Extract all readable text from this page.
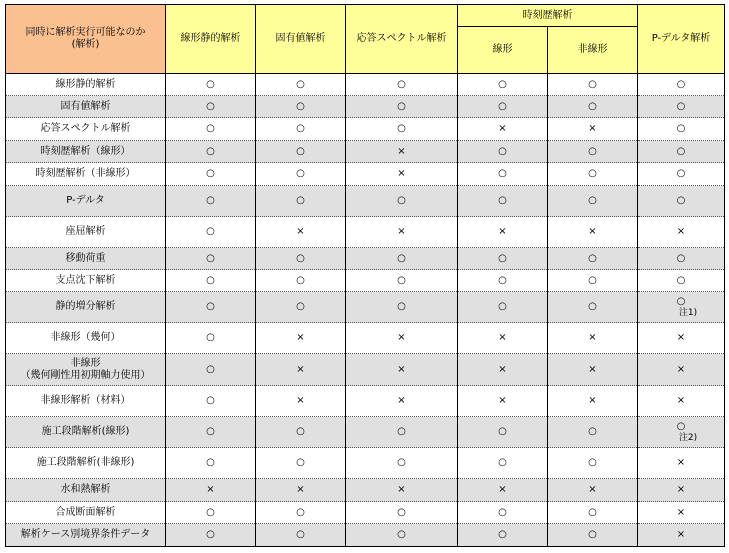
同時に解析実行可能なのか
(解析)	線形静的解析	固有値解析	応答スペクトル解析	時刻歴解析		P-デルタ解析
				線形	非線形	
線形静的解析	○	○	○	○	○	○
固有値解析	○	○	○	○	○	○
応答スペクトル解析	○	○	○	×	×	○
時刻歴解析（線形）	○	○	×	○	○	○
時刻歴解析（非線形）	○	○	×	○	○	○
P-デルタ	○	○	○	○	○	○
座屈解析	○	×	×	×	×	×
移動荷重	○	○	○	○	○	○
支点沈下解析	○	○	○	○	○	○
静的増分解析	○	○	○	○	○	○
注1)

非線形（幾何）	○	×	×	×	×	×
非線形
（幾何剛性用初期軸力使用）	○	×	×	×	×	×
非線形解析（材料）	○	×	×	×	×	×
施工段階解析(線形)	○	○	○	○	○	○
注2)

施工段階解析(非線形)	○	○	○	○	○	×
水和熱解析	×	×	×	×	×	×
合成断面解析	○	○	○	○	○	×
解析ケース別境界条件データ	○	○	○	○	○	×
